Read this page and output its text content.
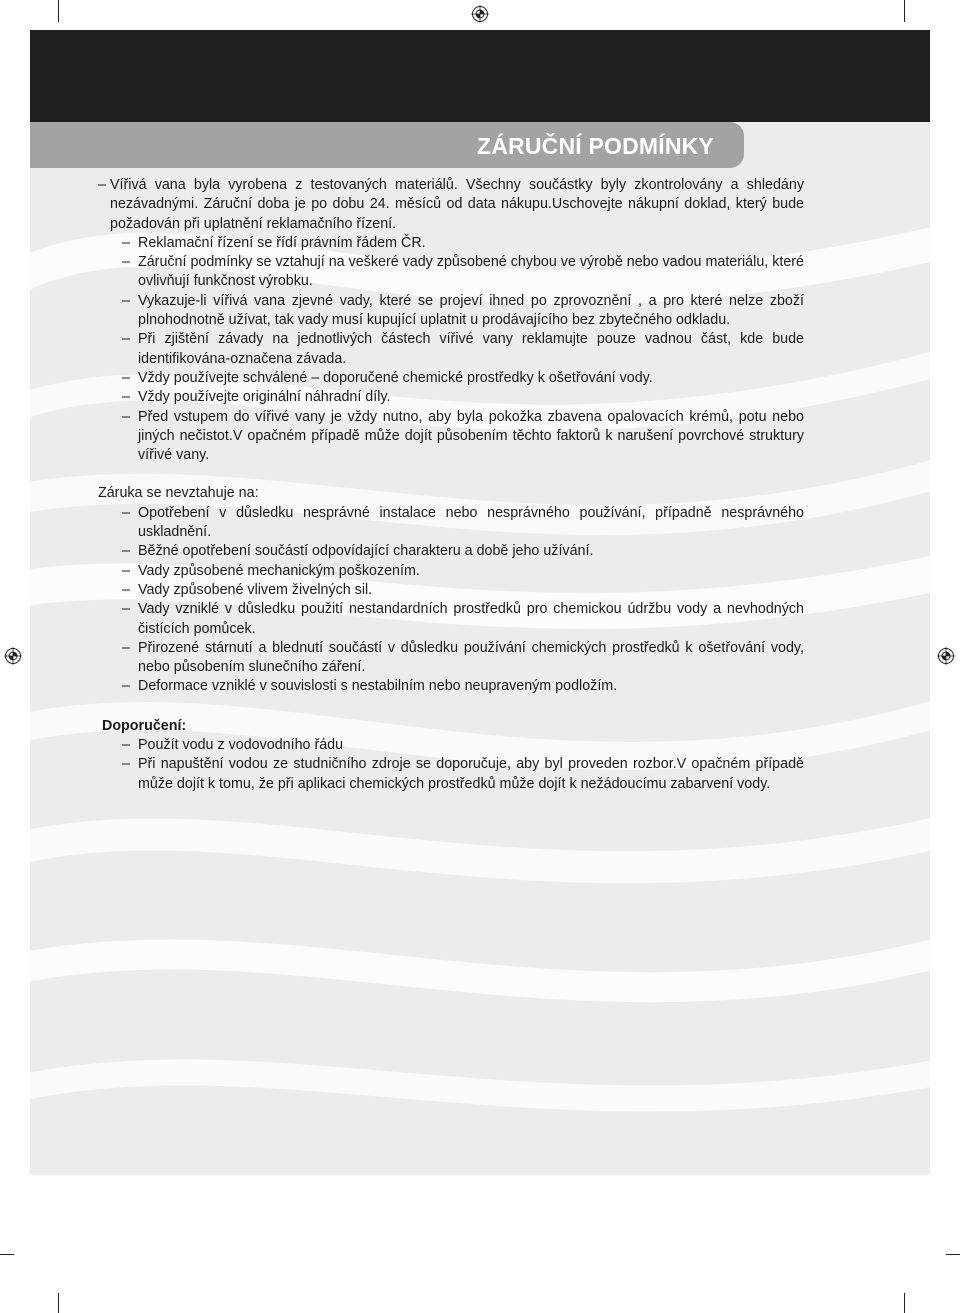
ZÁRUČNÍ PODMÍNKY
– Vířivá vana byla vyrobena z testovaných materiálů. Všechny součástky byly zkontrolovány a shledány nezávadnými. Záruční doba je po dobu 24. měsíců od data nákupu.Uschovejte nákupní doklad, který bude požadován při uplatnění reklamačního řízení.
– Reklamační řízení se řídí právním řádem ČR.
– Záruční podmínky se vztahují na veškeré vady způsobené chybou ve výrobě nebo vadou materiálu, které ovlivňují funkčnost výrobku.
– Vykazuje-li vířivá vana zjevné vady, které se projeví ihned po zprovoznění , a pro které nelze zboží plnohodnotně užívat, tak vady musí kupující uplatnit u prodávajícího bez zbytečného odkladu.
– Při zjištění závady na jednotlivých částech vířivé vany reklamujte pouze vadnou část, kde bude identifikována-označena závada.
– Vždy používejte schválené – doporučené chemické prostředky k ošetřování vody.
– Vždy používejte originální náhradní díly.
– Před vstupem do vířivé vany je vždy nutno, aby byla pokožka zbavena opalovacích krémů, potu nebo jiných nečistot.V opačném případě může dojít působením těchto faktorů k narušení povrchové struktury vířivé vany.
Záruka se nevztahuje na:
– Opotřebení v důsledku nesprávné instalace nebo nesprávného používání, případně nesprávného uskladnění.
– Běžné opotřebení součástí odpovídající charakteru a době jeho užívání.
– Vady způsobené mechanickým poškozením.
– Vady způsobené vlivem živelných sil.
– Vady vzniklé v důsledku použití nestandardních prostředků pro chemickou údržbu vody a nevhodných čistících pomůcek.
– Přirozené stárnutí a blednutí součástí v důsledku používání chemických prostředků k ošetřování vody, nebo působením slunečního záření.
– Deformace vzniklé v souvislosti s nestabilním nebo neupraveným podložím.
Doporučení:
– Použít vodu z vodovodního řádu
– Při napuštění vodou ze studničního zdroje se doporučuje, aby byl proveden rozbor.V opačném případě může dojít k tomu, že při aplikaci chemických prostředků může dojít k nežádoucímu zabarvení vody.
